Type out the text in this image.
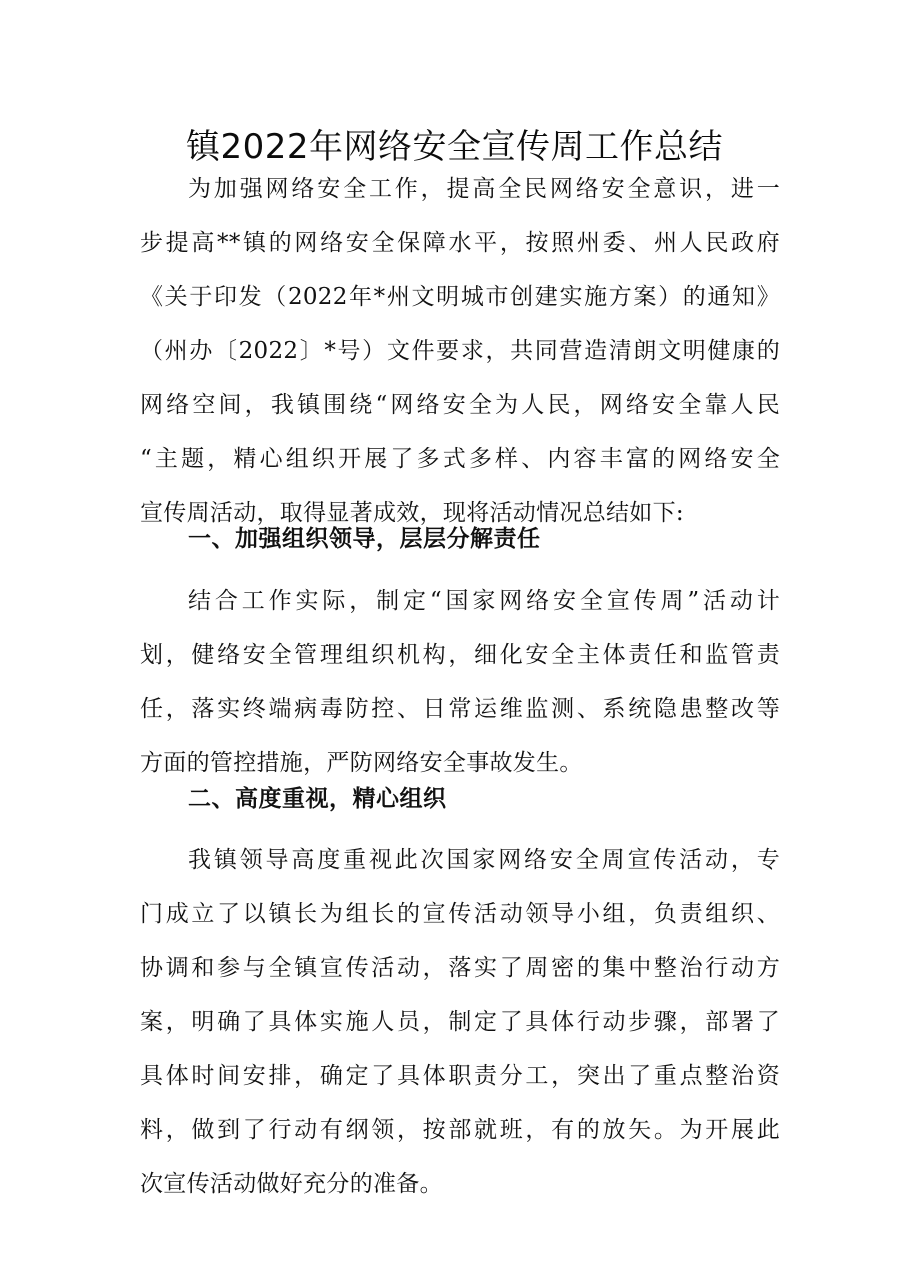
镇2022年网络安全宣传周工作总结
为加强网络安全工作，提高全民网络安全意识，进一
步提高**镇的网络安全保障水平，按照州委、州人民政府
《关于印发（2022年*州文明城市创建实施方案）的通知》
（州办〔2022〕*号）文件要求，共同营造清朗文明健康的
网络空间，我镇围绕“网络安全为人民，网络安全靠人民
“主题，精心组织开展了多式多样、内容丰富的网络安全
宣传周活动，取得显著成效，现将活动情况总结如下:
一、加强组织领导，层层分解责任
结合工作实际，制定“国家网络安全宣传周”活动计
划，健络安全管理组织机构，细化安全主体责任和监管责
任，落实终端病毒防控、日常运维监测、系统隐患整改等
方面的管控措施，严防网络安全事故发生。
二、高度重视，精心组织
我镇领导高度重视此次国家网络安全周宣传活动，专
门成立了以镇长为组长的宣传活动领导小组，负责组织、
协调和参与全镇宣传活动，落实了周密的集中整治行动方
案，明确了具体实施人员，制定了具体行动步骤，部署了
具体时间安排，确定了具体职责分工，突出了重点整治资
料，做到了行动有纲领，按部就班，有的放矢。为开展此
次宣传活动做好充分的准备。
